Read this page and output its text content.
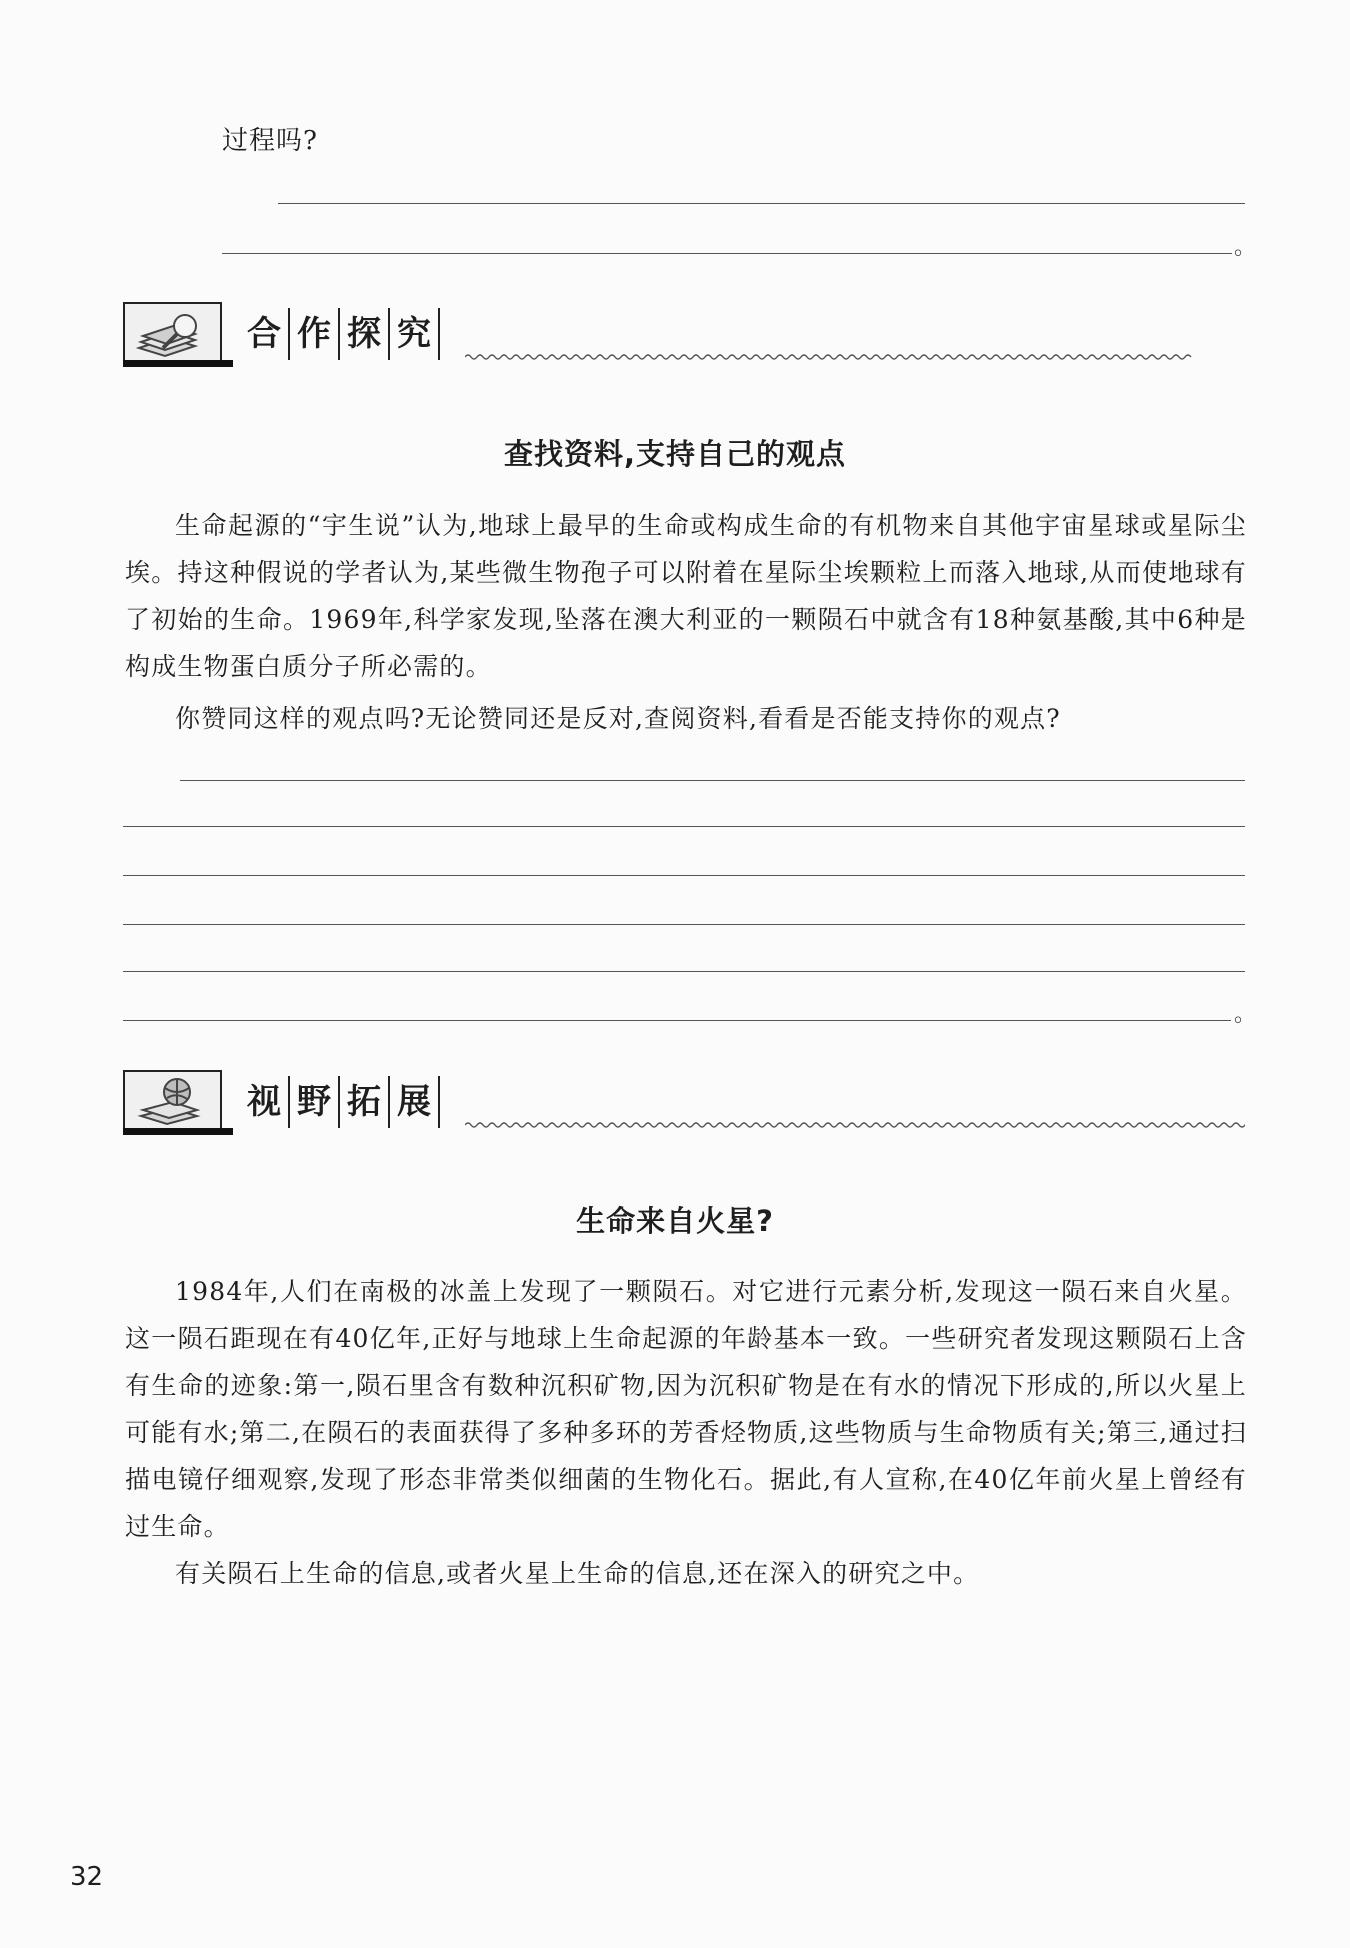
过程吗?
。
合 作 探 究
查找资料,支持自己的观点

生命起源的“宇生说”认为,地球上最早的生命或构成生命的有机物来自其他宇宙星球或星际尘埃。持这种假说的学者认为,某些微生物孢子可以附着在星际尘埃颗粒上而落入地球,从而使地球有了初始的生命。1969年,科学家发现,坠落在澳大利亚的一颗陨石中就含有18种氨基酸,其中6种是构成生物蛋白质分子所必需的。

你赞同这样的观点吗?无论赞同还是反对,查阅资料,看看是否能支持你的观点?

。
视 野 拓 展
生命来自火星?

1984年,人们在南极的冰盖上发现了一颗陨石。对它进行元素分析,发现这一陨石来自火星。这一陨石距现在有40亿年,正好与地球上生命起源的年龄基本一致。一些研究者发现这颗陨石上含有生命的迹象:第一,陨石里含有数种沉积矿物,因为沉积矿物是在有水的情况下形成的,所以火星上可能有水;第二,在陨石的表面获得了多种多环的芳香烃物质,这些物质与生命物质有关;第三,通过扫描电镜仔细观察,发现了形态非常类似细菌的生物化石。据此,有人宣称,在40亿年前火星上曾经有过生命。

有关陨石上生命的信息,或者火星上生命的信息,还在深入的研究之中。

32
